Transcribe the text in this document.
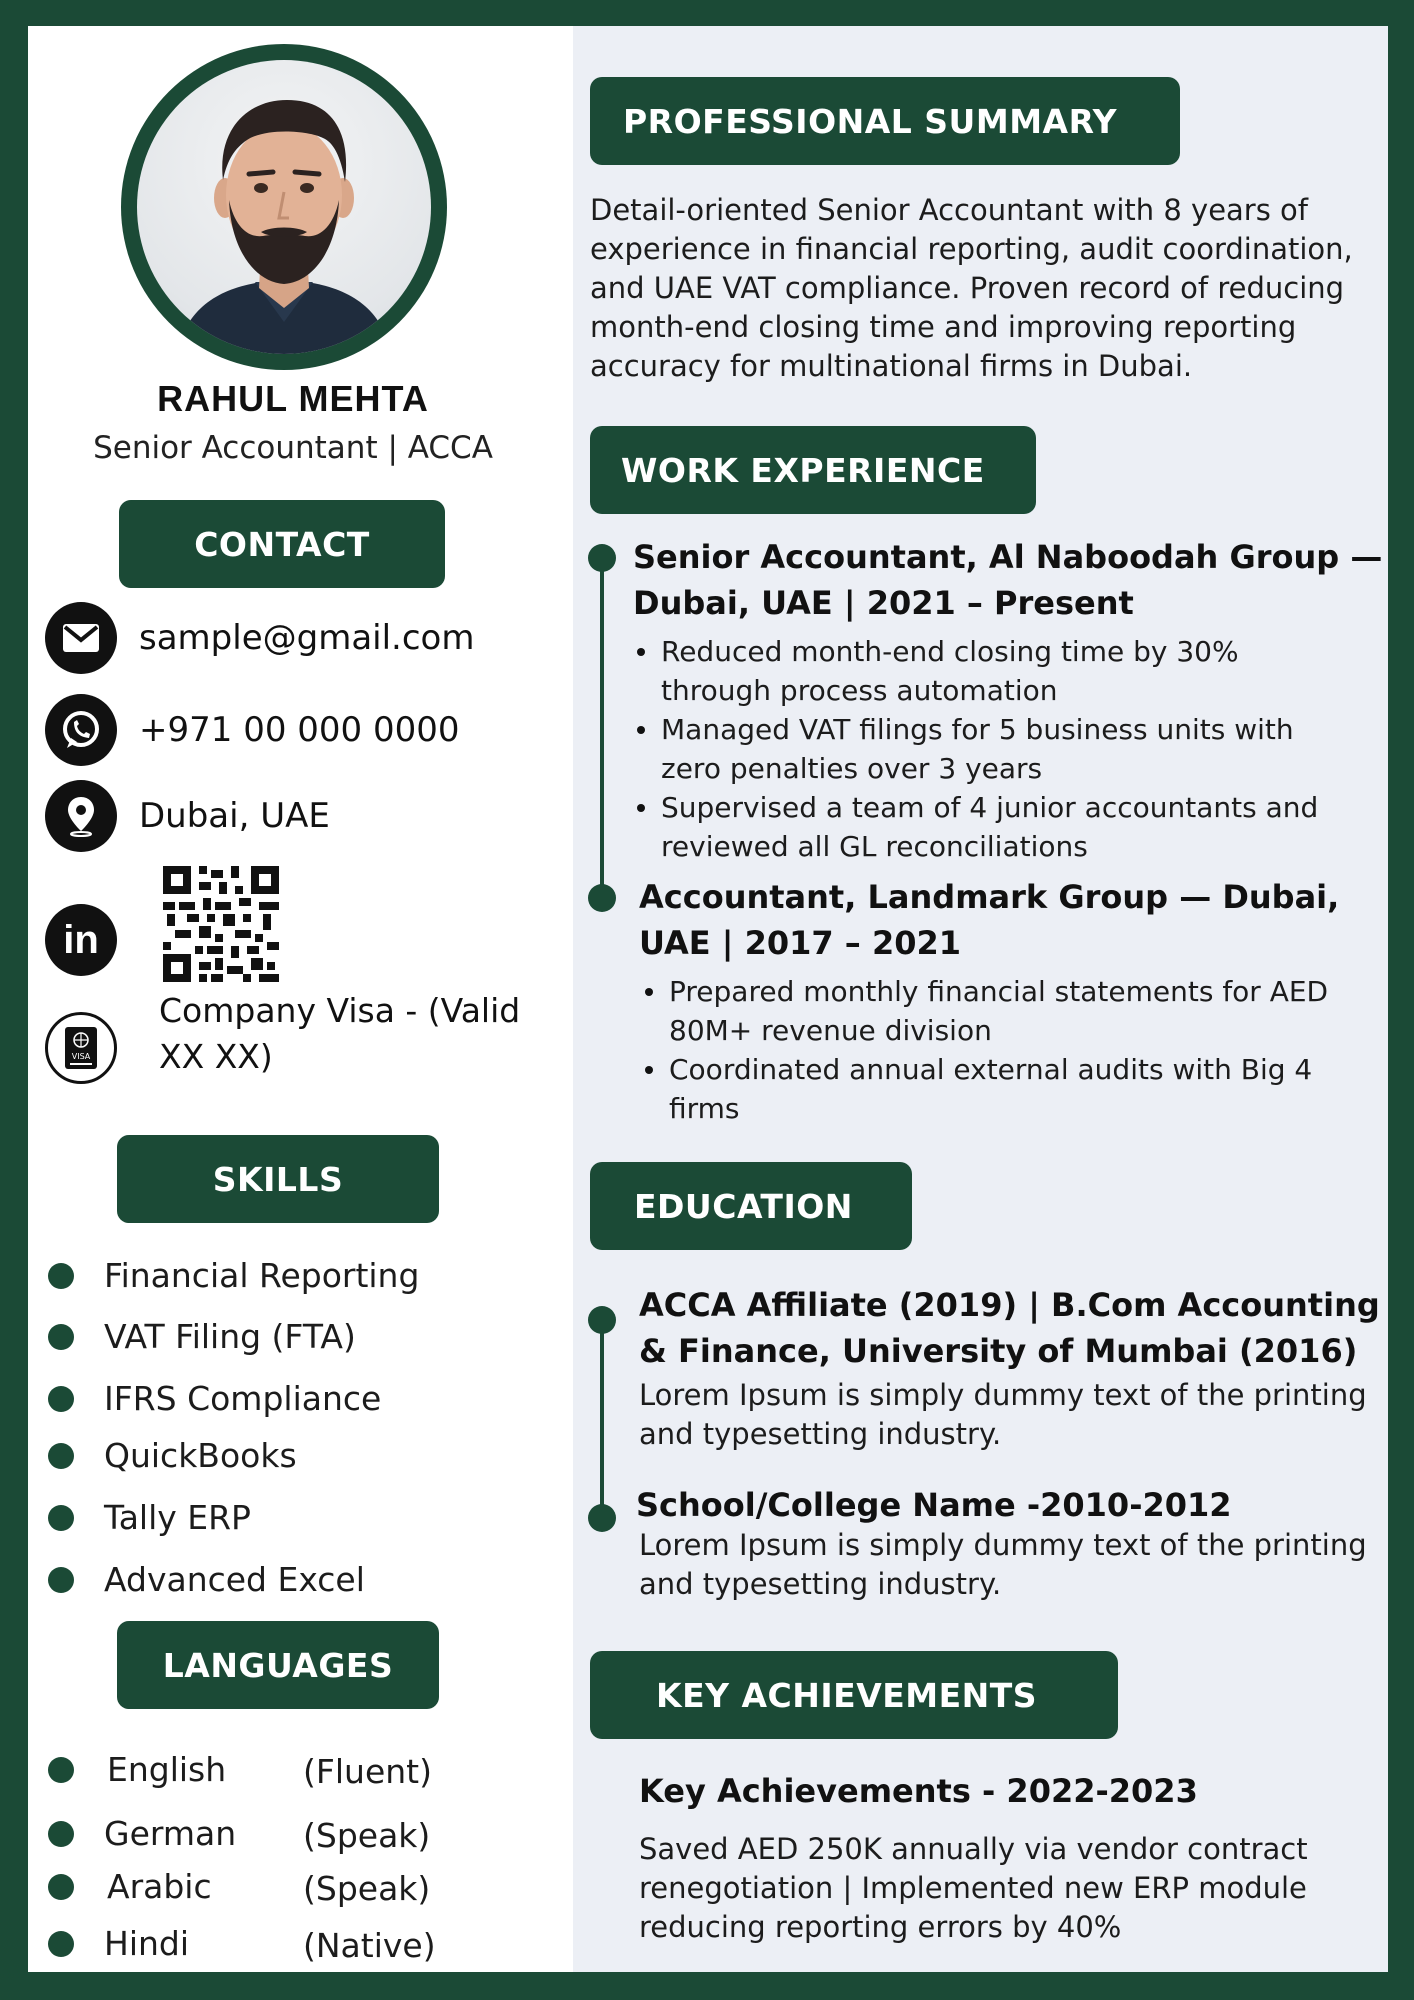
RAHUL MEHTA
Senior Accountant | ACCA
CONTACT
sample@gmail.com
+971 00 000 0000
Dubai, UAE
in
VISA
Company Visa - (Valid
XX XX)
SKILLS
Financial Reporting
VAT Filing (FTA)
IFRS Compliance
QuickBooks
Tally ERP
Advanced Excel
LANGUAGES
English (Fluent)
German (Speak)
Arabic	(Speak)
Hindi	(Native)
PROFESSIONAL SUMMARY
Detail-oriented Senior Accountant with 8 years of
experience in financial reporting, audit coordination,
and UAE VAT compliance. Proven record of reducing
month-end closing time and improving reporting
accuracy for multinational firms in Dubai.
WORK EXPERIENCE
Senior Accountant, Al Naboodah Group —
Dubai, UAE | 2021 – Present
Reduced month-end closing time by 30%
through process automation
Managed VAT filings for 5 business units with
zero penalties over 3 years
Supervised a team of 4 junior accountants and
reviewed all GL reconciliations
Accountant, Landmark Group — Dubai,
UAE | 2017 – 2021
Prepared monthly financial statements for AED
80M+ revenue division
Coordinated annual external audits with Big 4
firms
EDUCATION
ACCA Affiliate (2019) | B.Com Accounting
& Finance, University of Mumbai (2016)
Lorem Ipsum is simply dummy text of the printing
and typesetting industry.
School/College Name -2010-2012
Lorem Ipsum is simply dummy text of the printing
and typesetting industry.
KEY ACHIEVEMENTS
Key Achievements - 2022-2023
Saved AED 250K annually via vendor contract
renegotiation | Implemented new ERP module
reducing reporting errors by 40%
